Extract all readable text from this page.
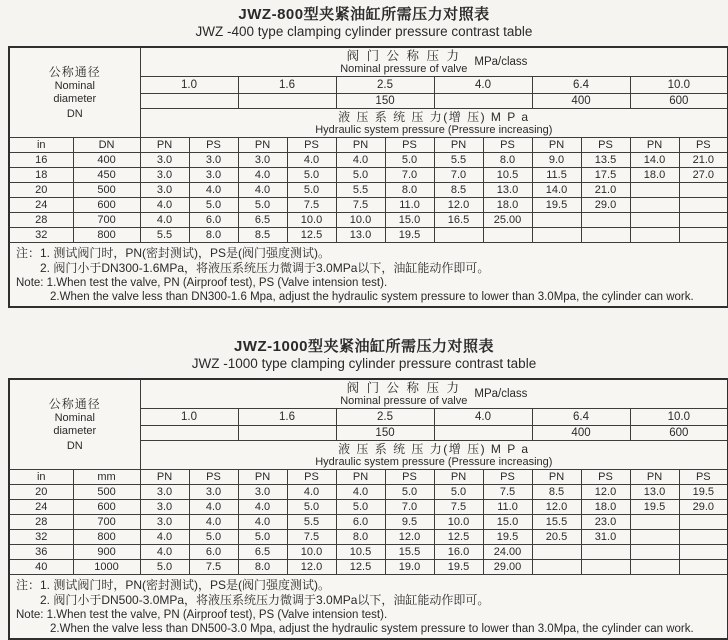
JWZ-800型夹紧油缸所需压力对照表
JWZ -400 type clamping cylinder pressure contrast table
公称通径
Nominal
diameter
DN

阀 门 公 称 压 力
Nominal pressure of valve
MPa/class

		1.0		1.6		2.5		4.0		6.4		10.0	
						150				400		600	

		液 压 系 统 压 力(增 压) M P a
Hydraulic system pressure (Pressure increasing)											

in	DN	PN	PS	PN	PS	PN	PS	PN	PS	PN	PS	PN	PS
16	400	3.0	3.0	3.0	4.0	4.0	5.0	5.5	8.0	9.0	13.5	14.0	21.0
18	450	3.0	3.0	4.0	5.0	5.0	7.0	7.0	10.5	11.5	17.5	18.0	27.0
20	500	3.0	4.0	4.0	5.0	5.5	8.0	8.5	13.0	14.0	21.0		
24	600	4.0	5.0	5.0	7.5	7.5	11.0	12.0	18.0	19.5	29.0		
28	700	4.0	6.0	6.5	10.0	10.0	15.0	16.5	25.00				
32	800	5.5	8.0	8.5	12.5	13.0	19.5						

注：1. 测试阀门时，PN(密封测试)，PS是(阀门强度测试)。
2. 阀门小于DN300-1.6MPa，将液压系统压力微调于3.0MPa以下，油缸能动作即可。
Note: 1.When test the valve, PN (Airproof test), PS (Valve intension test).
2.When the valve less than DN300-1.6 Mpa, adjust the hydraulic system pressure to lower than 3.0Mpa, the cylinder can work.													
JWZ-1000型夹紧油缸所需压力对照表
JWZ -1000 type clamping cylinder pressure contrast table
公称通径
Nominal
diameter
DN

阀 门 公 称 压 力
Nominal pressure of valve
MPa/class

		1.0		1.6		2.5		4.0		6.4		10.0	
						150				400		600	

		液 压 系 统 压 力(增 压) M P a
Hydraulic system pressure (Pressure increasing)											

in	mm	PN	PS	PN	PS	PN	PS	PN	PS	PN	PS	PN	PS
20	500	3.0	3.0	3.0	4.0	4.0	5.0	5.0	7.5	8.5	12.0	13.0	19.5
24	600	3.0	4.0	4.0	5.0	5.0	7.0	7.5	11.0	12.0	18.0	19.5	29.0
28	700	3.0	4.0	4.0	5.5	6.0	9.5	10.0	15.0	15.5	23.0		
32	800	4.0	5.0	5.0	7.5	8.0	12.0	12.5	19.5	20.5	31.0		
36	900	4.0	6.0	6.5	10.0	10.5	15.5	16.0	24.00				
40	1000	5.0	7.5	8.0	12.0	12.5	19.0	19.5	29.00				

注：1. 测试阀门时，PN(密封测试)，PS是(阀门强度测试)。
2. 阀门小于DN500-3.0MPa，将液压系统压力微调于3.0MPa以下，油缸能动作即可。
Note: 1.When test the valve, PN (Airproof test), PS (Valve intension test).
2.When the valve less than DN500-3.0 Mpa, adjust the hydraulic system pressure to lower than 3.0Mpa, the cylinder can work.													
